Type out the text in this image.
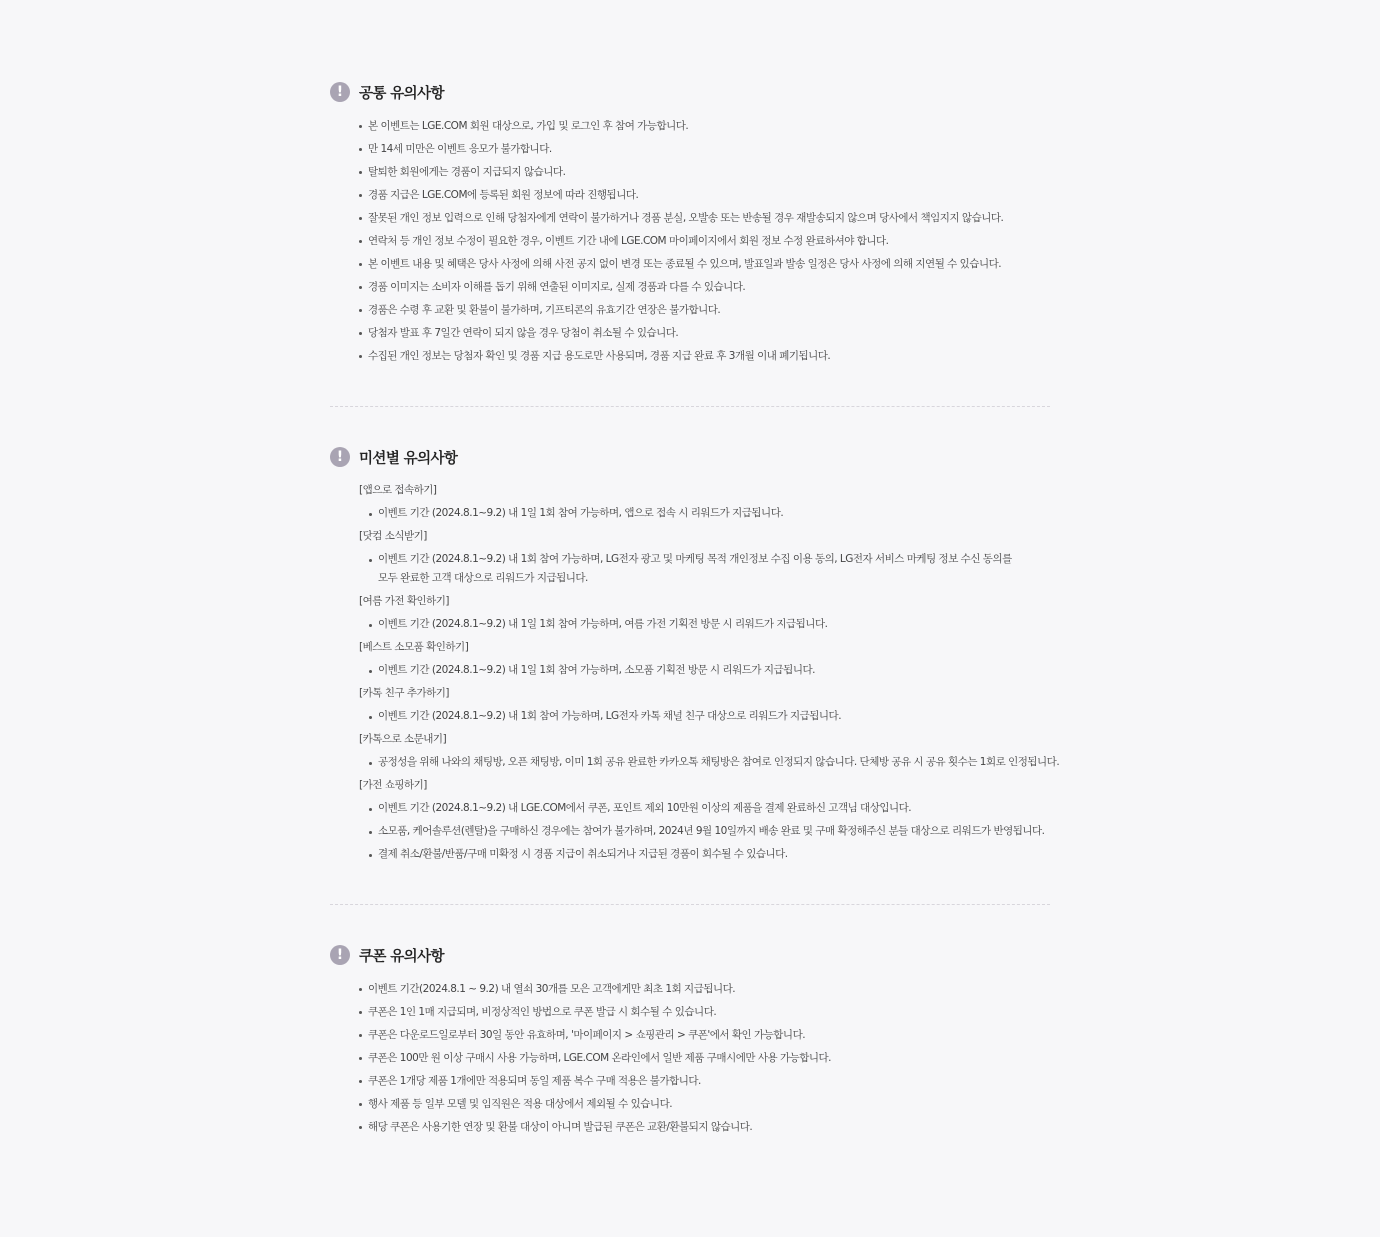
!	공통 유의사항
본 이벤트는 LGE.COM 회원 대상으로, 가입 및 로그인 후 참여 가능합니다.
만 14세 미만은 이벤트 응모가 불가합니다.
탈퇴한 회원에게는 경품이 지급되지 않습니다.
경품 지급은 LGE.COM에 등록된 회원 정보에 따라 진행됩니다.
잘못된 개인 정보 입력으로 인해 당첨자에게 연락이 불가하거나 경품 분실, 오발송 또는 반송될 경우 재발송되지 않으며 당사에서 책임지지 않습니다.
연락처 등 개인 정보 수정이 필요한 경우, 이벤트 기간 내에 LGE.COM 마이페이지에서 회원 정보 수정 완료하셔야 합니다.
본 이벤트 내용 및 혜택은 당사 사정에 의해 사전 공지 없이 변경 또는 종료될 수 있으며, 발표일과 발송 일정은 당사 사정에 의해 지연될 수 있습니다.
경품 이미지는 소비자 이해를 돕기 위해 연출된 이미지로, 실제 경품과 다를 수 있습니다.
경품은 수령 후 교환 및 환불이 불가하며, 기프티콘의 유효기간 연장은 불가합니다.
당첨자 발표 후 7일간 연락이 되지 않을 경우 당첨이 취소될 수 있습니다.
수집된 개인 정보는 당첨자 확인 및 경품 지급 용도로만 사용되며, 경품 지급 완료 후 3개월 이내 폐기됩니다.
!	미션별 유의사항
[앱으로 접속하기]
이벤트 기간 (2024.8.1~9.2) 내 1일 1회 참여 가능하며, 앱으로 접속 시 리워드가 지급됩니다.
[닷컴 소식받기]
이벤트 기간 (2024.8.1~9.2) 내 1회 참여 가능하며, LG전자 광고 및 마케팅 목적 개인정보 수집 이용 동의, LG전자 서비스 마케팅 정보 수신 동의를
모두 완료한 고객 대상으로 리워드가 지급됩니다.
[여름 가전 확인하기]
이벤트 기간 (2024.8.1~9.2) 내 1일 1회 참여 가능하며, 여름 가전 기획전 방문 시 리워드가 지급됩니다.
[베스트 소모품 확인하기]
이벤트 기간 (2024.8.1~9.2) 내 1일 1회 참여 가능하며, 소모품 기획전 방문 시 리워드가 지급됩니다.
[카톡 친구 추가하기]
이벤트 기간 (2024.8.1~9.2) 내 1회 참여 가능하며, LG전자 카톡 채널 친구 대상으로 리워드가 지급됩니다.
[카톡으로 소문내기]
공정성을 위해 나와의 채팅방, 오픈 채팅방, 이미 1회 공유 완료한 카카오톡 채팅방은 참여로 인정되지 않습니다. 단체방 공유 시 공유 횟수는 1회로 인정됩니다.
[가전 쇼핑하기]
이벤트 기간 (2024.8.1~9.2) 내 LGE.COM에서 쿠폰, 포인트 제외 10만원 이상의 제품을 결제 완료하신 고객님 대상입니다.
소모품, 케어솔루션(렌탈)을 구매하신 경우에는 참여가 불가하며, 2024년 9월 10일까지 배송 완료 및 구매 확정해주신 분들 대상으로 리워드가 반영됩니다.
결제 취소/환불/반품/구매 미확정 시 경품 지급이 취소되거나 지급된 경품이 회수될 수 있습니다.
!	쿠폰 유의사항
이벤트 기간(2024.8.1 ~ 9.2) 내 열쇠 30개를 모은 고객에게만 최초 1회 지급됩니다.
쿠폰은 1인 1매 지급되며, 비정상적인 방법으로 쿠폰 발급 시 회수될 수 있습니다.
쿠폰은 다운로드일로부터 30일 동안 유효하며, '마이페이지 > 쇼핑관리 > 쿠폰'에서 확인 가능합니다.
쿠폰은 100만 원 이상 구매시 사용 가능하며, LGE.COM 온라인에서 일반 제품 구매시에만 사용 가능합니다.
쿠폰은 1개당 제품 1개에만 적용되며 동일 제품 복수 구매 적용은 불가합니다.
행사 제품 등 일부 모델 및 임직원은 적용 대상에서 제외될 수 있습니다.
해당 쿠폰은 사용기한 연장 및 환불 대상이 아니며 발급된 쿠폰은 교환/환불되지 않습니다.
